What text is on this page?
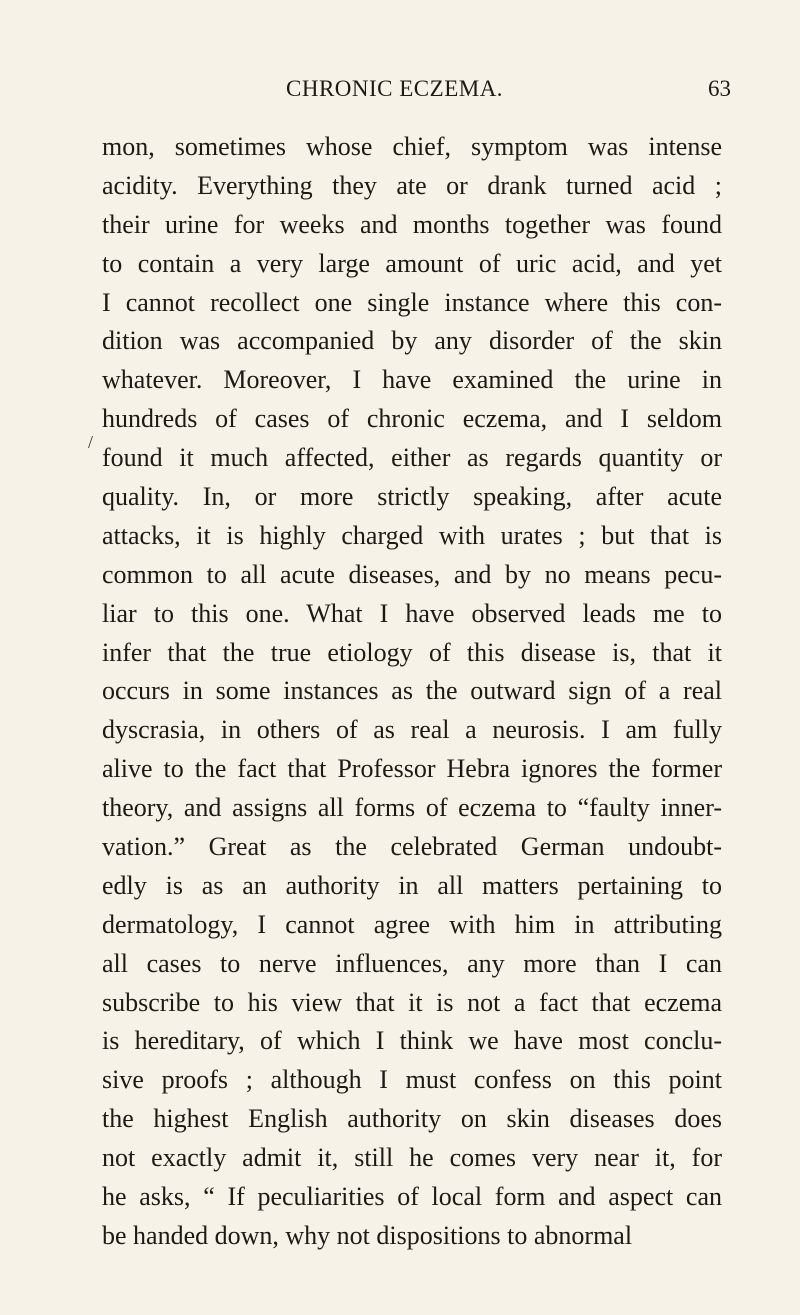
CHRONIC ECZEMA.	63
/
mon, sometimes whose chief, symptom was intense
acidity. Everything they ate or drank turned acid ;
their urine for weeks and months together was found
to contain a very large amount of uric acid, and yet
I cannot recollect one single instance where this con-
dition was accompanied by any disorder of the skin
whatever. Moreover, I have examined the urine in
hundreds of cases of chronic eczema, and I seldom
found it much affected, either as regards quantity or
quality. In, or more strictly speaking, after acute
attacks, it is highly charged with urates ; but that is
common to all acute diseases, and by no means pecu-
liar to this one. What I have observed leads me to
infer that the true etiology of this disease is, that it
occurs in some instances as the outward sign of a real
dyscrasia, in others of as real a neurosis. I am fully
alive to the fact that Professor Hebra ignores the former
theory, and assigns all forms of eczema to “faulty inner-
vation.” Great as the celebrated German undoubt-
edly is as an authority in all matters pertaining to
dermatology, I cannot agree with him in attributing
all cases to nerve influences, any more than I can
subscribe to his view that it is not a fact that eczema
is hereditary, of which I think we have most conclu-
sive proofs ; although I must confess on this point
the highest English authority on skin diseases does
not exactly admit it, still he comes very near it, for
he asks, “ If peculiarities of local form and aspect can
be handed down, why not dispositions to abnormal
